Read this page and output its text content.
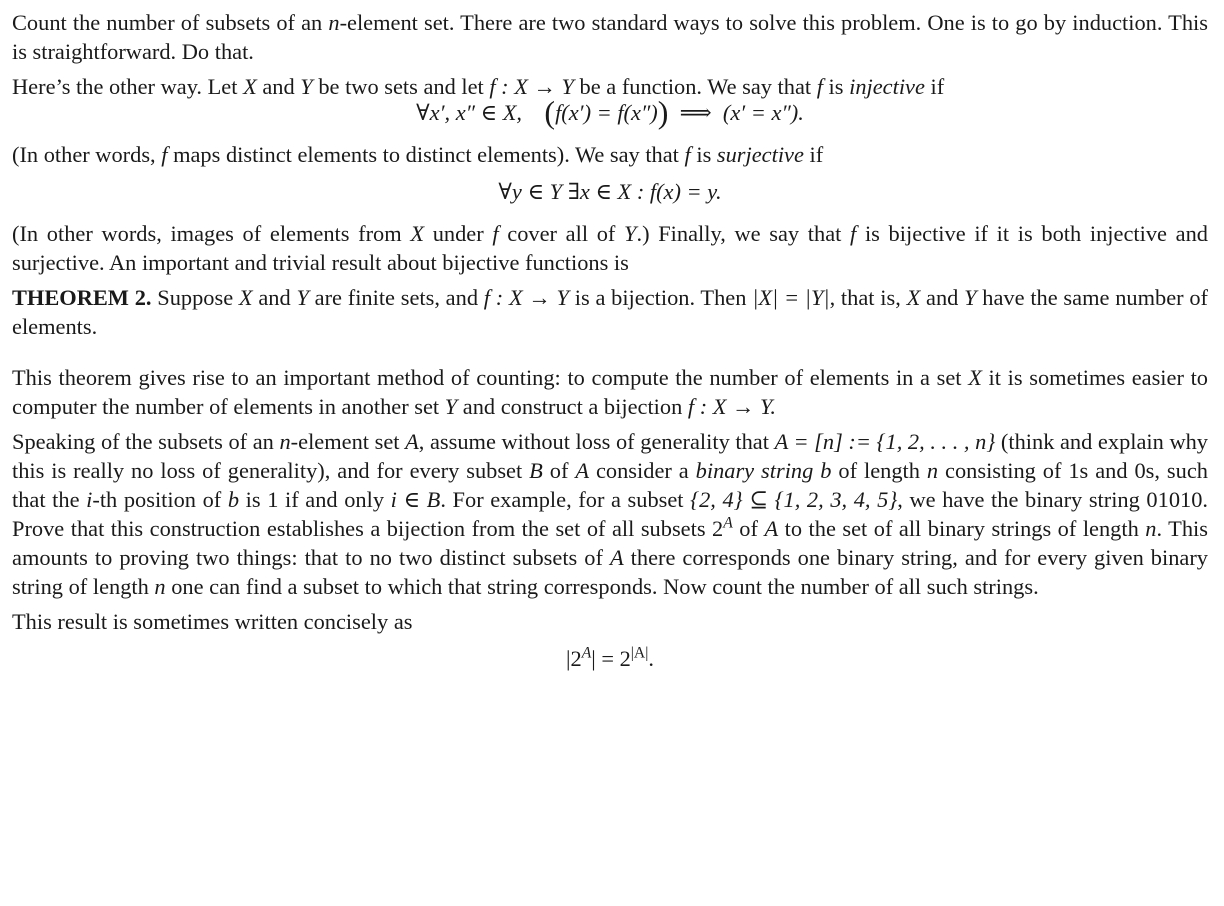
Count the number of subsets of an n-element set. There are two standard ways to solve this problem. One is to go by induction. This is straightforward. Do that.

Here’s the other way. Let X and Y be two sets and let f : X → Y be a function. We say that f is injective if

∀x′, x″ ∈ X, (f(x′) = f(x″)) ⟹ (x′ = x″).

(In other words, f maps distinct elements to distinct elements). We say that f is surjective if

∀y ∈ Y ∃x ∈ X : f(x) = y.

(In other words, images of elements from X under f cover all of Y.) Finally, we say that f is bijective if it is both injective and surjective. An important and trivial result about bijective functions is

THEOREM 2. Suppose X and Y are finite sets, and f : X → Y is a bijection. Then |X| = |Y|, that is, X and Y have the same number of elements.

This theorem gives rise to an important method of counting: to compute the number of elements in a set X it is sometimes easier to computer the number of elements in another set Y and construct a bijection f : X → Y.

Speaking of the subsets of an n-element set A, assume without loss of generality that A = [n] := {1, 2, . . . , n} (think and explain why this is really no loss of generality), and for every subset B of A consider a binary string b of length n consisting of 1s and 0s, such that the i-th position of b is 1 if and only i ∈ B. For example, for a subset {2, 4} ⊆ {1, 2, 3, 4, 5}, we have the binary string 01010. Prove that this construction establishes a bijection from the set of all subsets $2^A$ of A to the set of all binary strings of length n. This amounts to proving two things: that to no two distinct subsets of A there corresponds one binary string, and for every given binary string of length n one can find a subset to which that string corresponds. Now count the number of all such strings.

This result is sometimes written concisely as

$|2^A| = 2^{|A|}$.
